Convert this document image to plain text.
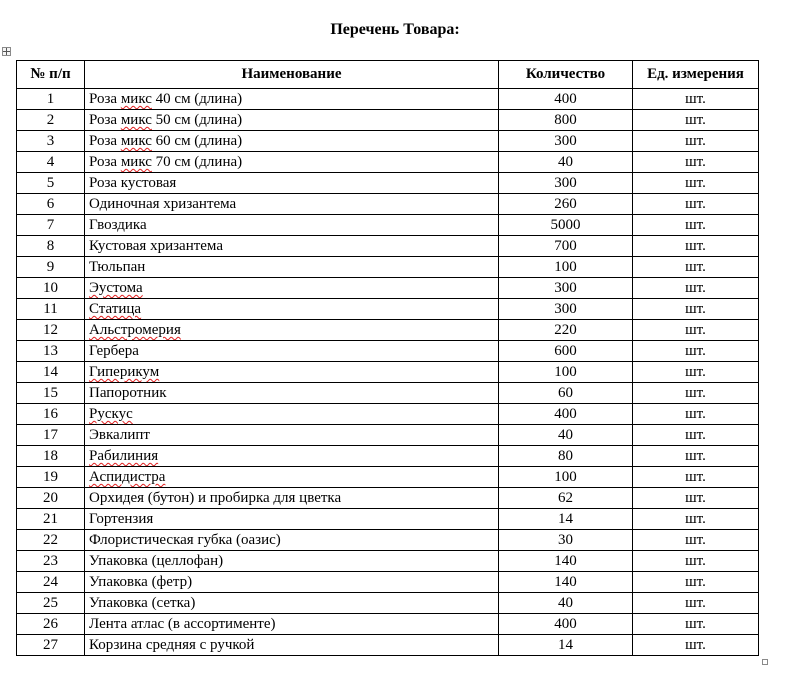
Перечень Товара:
№ п/п	Наименование	Количество	Ед. измерения
1	Роза микс 40 см (длина)	400	шт.
2	Роза микс 50 см (длина)	800	шт.
3	Роза микс 60 см (длина)	300	шт.
4	Роза микс 70 см (длина)	40	шт.
5	Роза кустовая	300	шт.
6	Одиночная хризантема	260	шт.
7	Гвоздика	5000	шт.
8	Кустовая хризантема	700	шт.
9	Тюльпан	100	шт.
10	Эустома	300	шт.
11	Статица	300	шт.
12	Альстромерия	220	шт.
13	Гербера	600	шт.
14	Гиперикум	100	шт.
15	Папоротник	60	шт.
16	Рускус	400	шт.
17	Эвкалипт	40	шт.
18	Рабилиния	80	шт.
19	Аспидистра	100	шт.
20	Орхидея (бутон) и пробирка для цветка	62	шт.
21	Гортензия	14	шт.
22	Флористическая губка (оазис)	30	шт.
23	Упаковка (целлофан)	140	шт.
24	Упаковка (фетр)	140	шт.
25	Упаковка (сетка)	40	шт.
26	Лента атлас (в ассортименте)	400	шт.
27	Корзина средняя с ручкой	14	шт.
